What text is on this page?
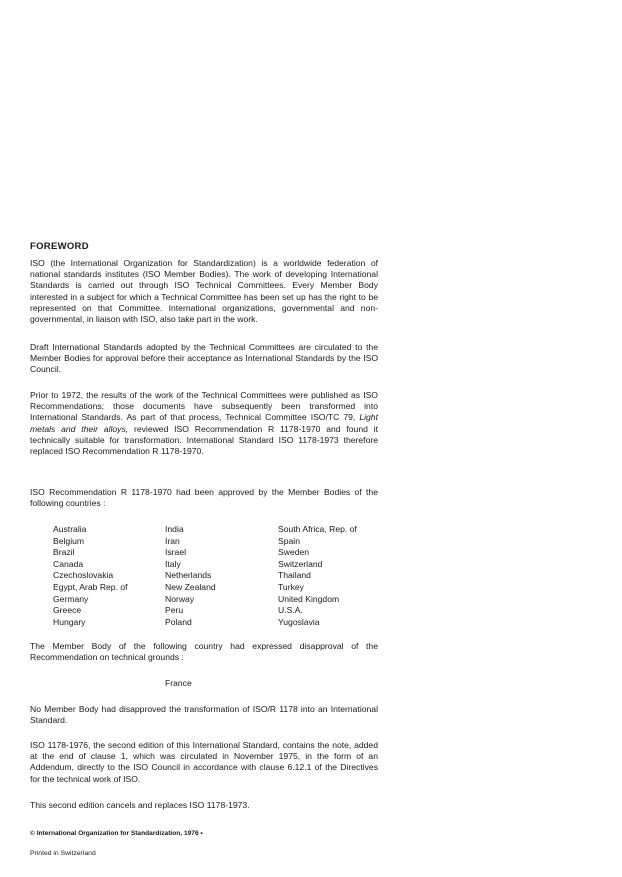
FOREWORD

ISO (the International Organization for Standardization) is a worldwide federation of national standards institutes (ISO Member Bodies). The work of developing International Standards is carried out through ISO Technical Committees. Every Member Body interested in a subject for which a Technical Committee has been set up has the right to be represented on that Committee. International organizations, governmental and non-governmental, in liaison with ISO, also take part in the work.

Draft International Standards adopted by the Technical Committees are circulated to the Member Bodies for approval before their acceptance as International Standards by the ISO Council.

Prior to 1972, the results of the work of the Technical Committees were published as ISO Recommendations; those documents have subsequently been transformed into International Standards. As part of that process, Technical Committee ISO/TC 79, Light metals and their alloys, reviewed ISO Recommendation R 1178-1970 and found it technically suitable for transformation. International Standard ISO 1178-1973 therefore replaced ISO Recommendation R 1178-1970.

ISO Recommendation R 1178-1970 had been approved by the Member Bodies of the following countries :

Australia
Belgium
Brazil
Canada
Czechoslovakia
Egypt, Arab Rep. of
Germany
Greece
Hungary
India
Iran
Israel
Italy
Netherlands
New Zealand
Norway
Peru
Poland
South Africa, Rep. of
Spain
Sweden
Switzerland
Thailand
Turkey
United Kingdom
U.S.A.
Yugoslavia

The Member Body of the following country had expressed disapproval of the Recommendation on technical grounds :

France

No Member Body had disapproved the transformation of ISO/R 1178 into an International Standard.

ISO 1178-1976, the second edition of this International Standard, contains the note, added at the end of clause 1, which was circulated in November 1975, in the form of an Addendum, directly to the ISO Council in accordance with clause 6.12.1 of the Directives for the technical work of ISO.

This second edition cancels and replaces ISO 1178-1973.

© International Organization for Standardization, 1976 •
Printed in Switzerland
